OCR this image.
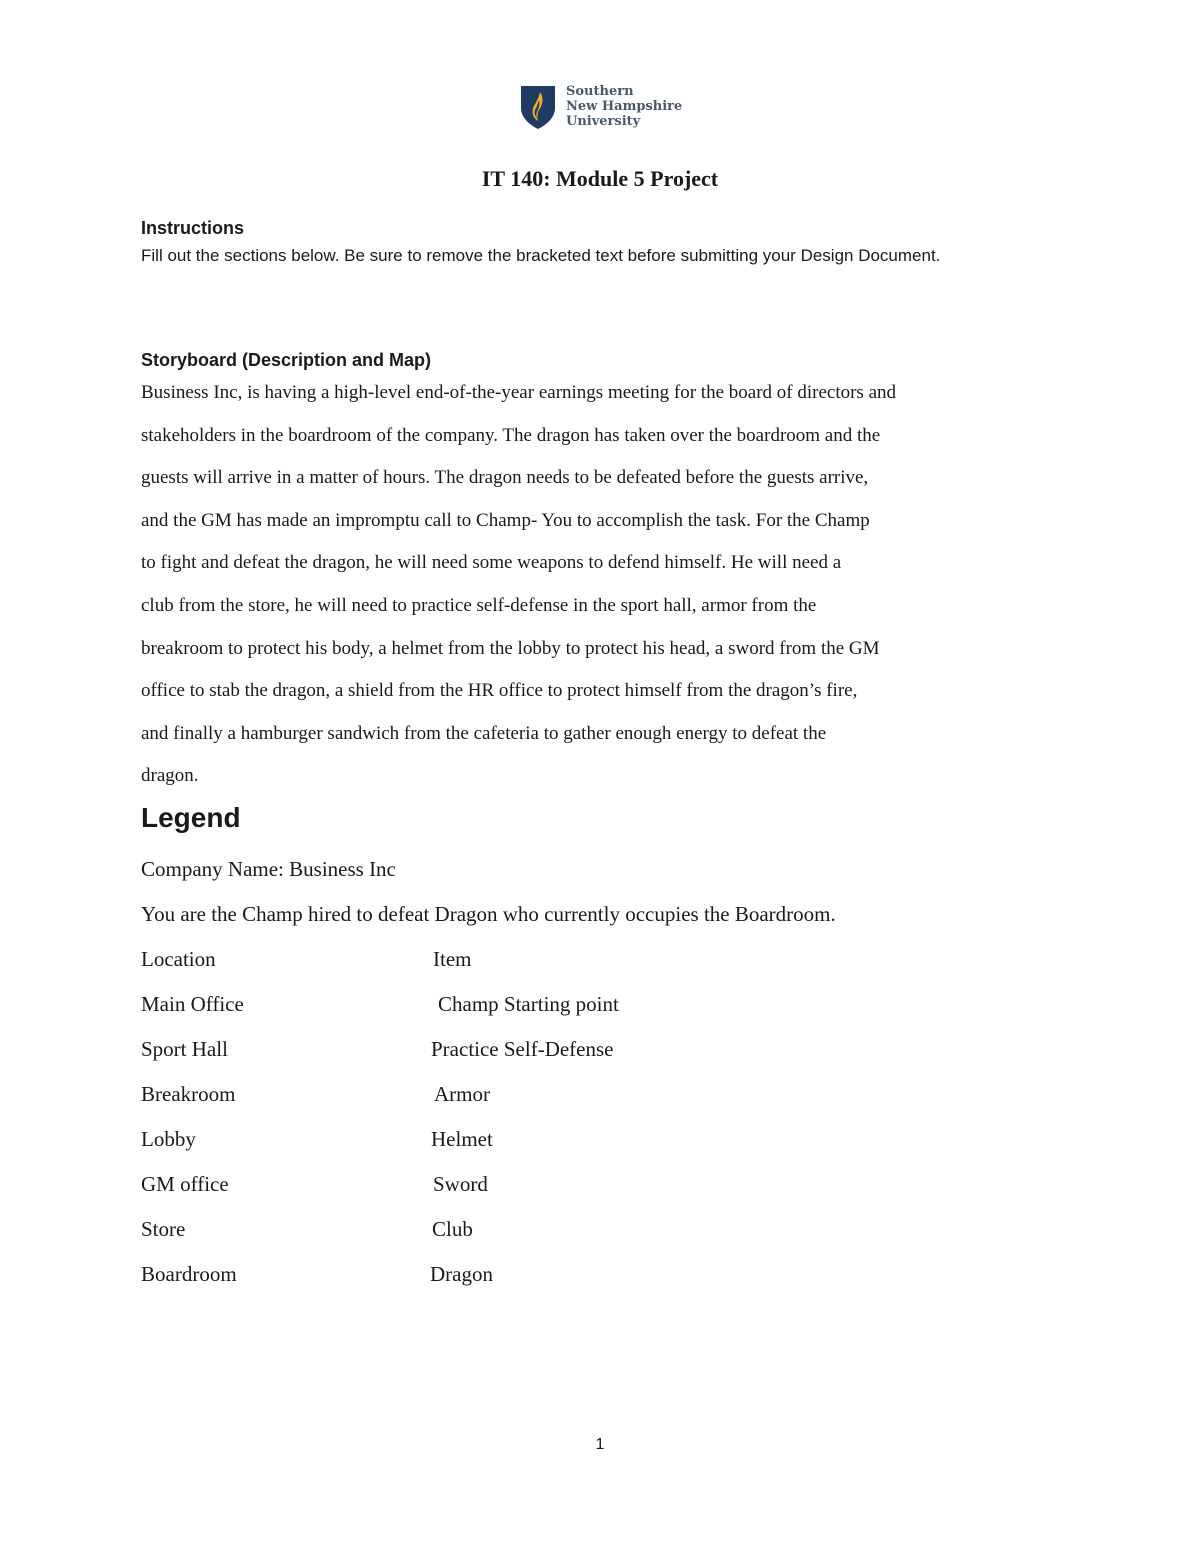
Southern
New Hampshire
University
IT 140: Module 5 Project
Instructions

Fill out the sections below. Be sure to remove the bracketed text before submitting your Design Document.

Storyboard (Description and Map)
Business Inc, is having a high-level end-of-the-year earnings meeting for the board of directors and
stakeholders in the boardroom of the company. The dragon has taken over the boardroom and the
guests will arrive in a matter of hours. The dragon needs to be defeated before the guests arrive,
and the GM has made an impromptu call to Champ- You to accomplish the task. For the Champ
to fight and defeat the dragon, he will need some weapons to defend himself. He will need a
club from the store, he will need to practice self-defense in the sport hall, armor from the
breakroom to protect his body, a helmet from the lobby to protect his head, a sword from the GM
office to stab the dragon, a shield from the HR office to protect himself from the dragon’s fire,
and finally a hamburger sandwich from the cafeteria to gather enough energy to defeat the
dragon.
Legend

Company Name: Business Inc

You are the Champ hired to defeat Dragon who currently occupies the Boardroom.

Location	Item
Main Office	Champ Starting point
Sport Hall	Practice Self-Defense
Breakroom	Armor
Lobby	Helmet
GM office	Sword
Store	Club
Boardroom	Dragon
1
